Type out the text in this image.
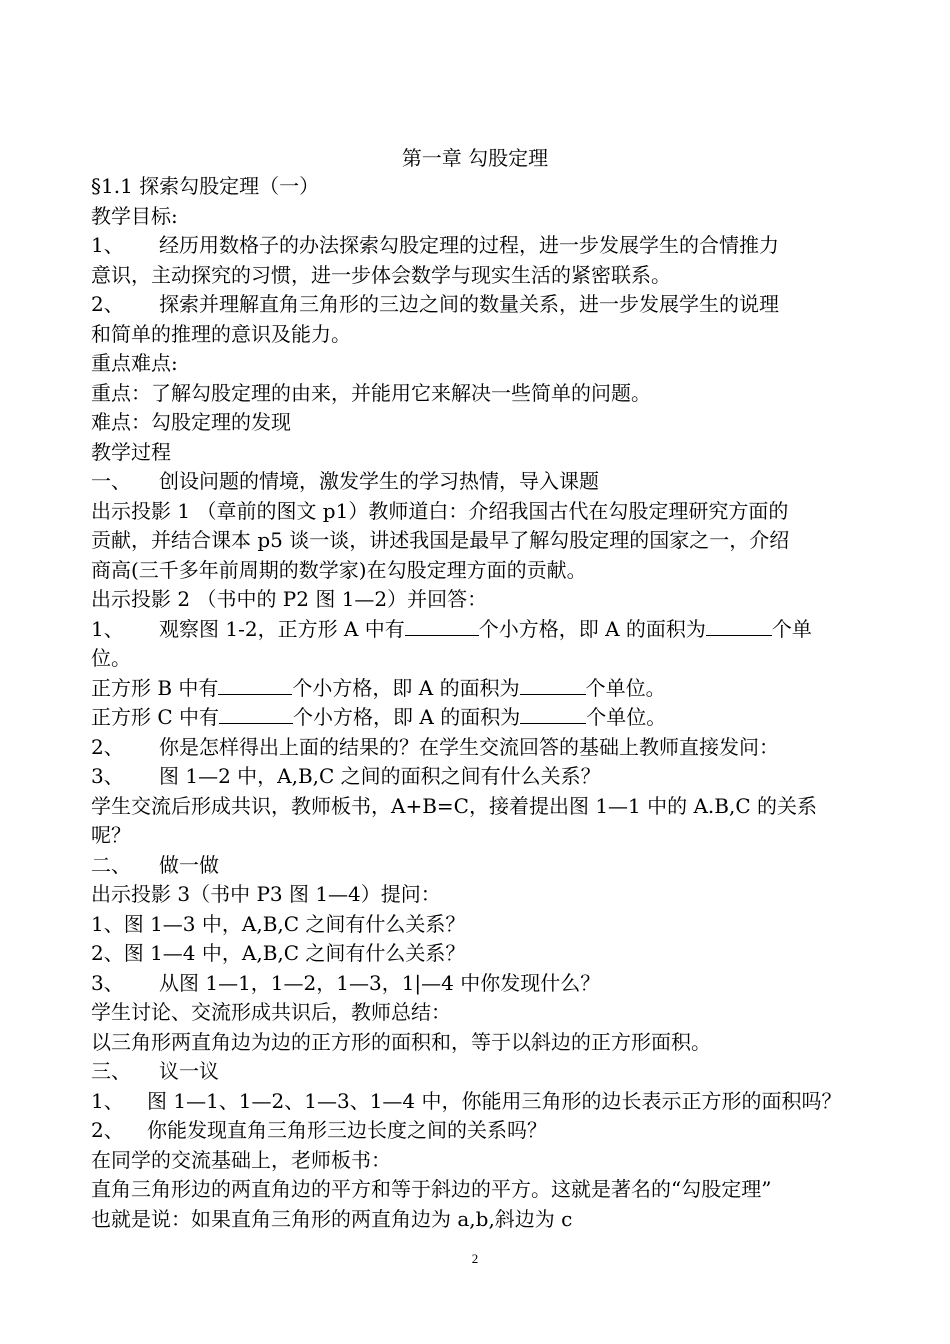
第一章 勾股定理
§1.1 探索勾股定理（一）
教学目标:
1、 经历用数格子的办法探索勾股定理的过程，进一步发展学生的合情推力
意识，主动探究的习惯，进一步体会数学与现实生活的紧密联系。
2、 探索并理解直角三角形的三边之间的数量关系，进一步发展学生的说理
和简单的推理的意识及能力。
重点难点:
重点：了解勾股定理的由来，并能用它来解决一些简单的问题。
难点：勾股定理的发现
教学过程
一、 创设问题的情境，激发学生的学习热情，导入课题
出示投影 1 （章前的图文 p1）教师道白：介绍我国古代在勾股定理研究方面的
贡献，并结合课本 p5 谈一谈，讲述我国是最早了解勾股定理的国家之一，介绍
商高(三千多年前周期的数学家)在勾股定理方面的贡献。
出示投影 2 （书中的 P2 图 1—2）并回答：
1、 观察图 1-2，正方形 A 中有	个小方格，即 A 的面积为	个单
位。
正方形 B 中有	个小方格，即 A 的面积为	个单位。
正方形 C 中有	个小方格，即 A 的面积为	个单位。
2、 你是怎样得出上面的结果的？在学生交流回答的基础上教师直接发问：
3、 图 1—2 中，A,B,C 之间的面积之间有什么关系？
学生交流后形成共识，教师板书，A+B=C，接着提出图 1—1 中的 A.B,C 的关系
呢？
二、 做一做
出示投影 3（书中 P3 图 1—4）提问：
1、图 1—3 中，A,B,C 之间有什么关系？
2、图 1—4 中，A,B,C 之间有什么关系？
3、 从图 1—1，1—2，1—3，1|—4 中你发现什么？
学生讨论、交流形成共识后，教师总结：
以三角形两直角边为边的正方形的面积和，等于以斜边的正方形面积。
三、 议一议
1、 图 1—1、1—2、1—3、1—4 中，你能用三角形的边长表示正方形的面积吗？
2、 你能发现直角三角形三边长度之间的关系吗？
在同学的交流基础上，老师板书：
直角三角形边的两直角边的平方和等于斜边的平方。这就是著名的“勾股定理”
也就是说：如果直角三角形的两直角边为 a,b,斜边为 c
2
